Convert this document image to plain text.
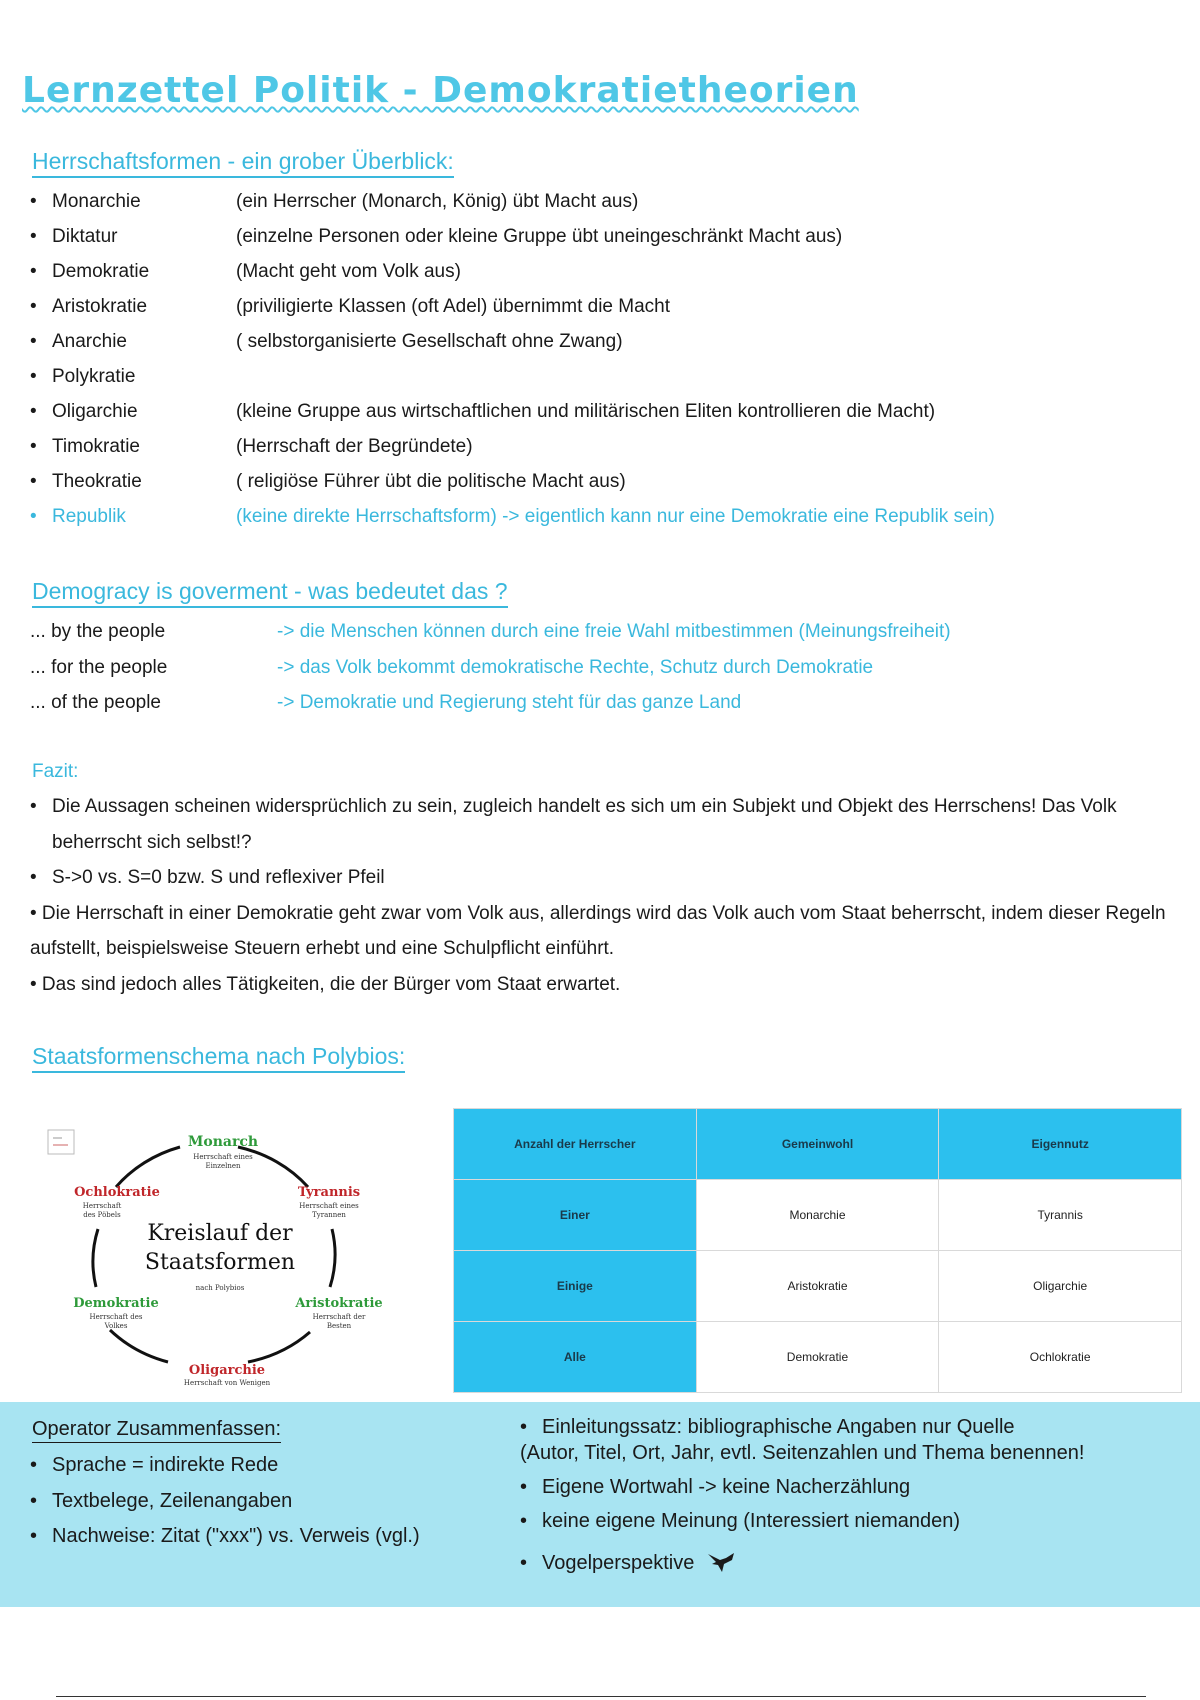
Lernzettel Politik - Demokratietheorien
Herrschaftsformen - ein grober Überblick:
• Monarchie	(ein Herrscher (Monarch, König) übt Macht aus)
• Diktatur	(einzelne Personen oder kleine Gruppe übt uneingeschränkt Macht aus)
• Demokratie	(Macht geht vom Volk aus)
• Aristokratie	(priviligierte Klassen (oft Adel) übernimmt die Macht
• Anarchie	( selbstorganisierte Gesellschaft ohne Zwang)
• Polykratie
• Oligarchie	(kleine Gruppe aus wirtschaftlichen und militärischen Eliten kontrollieren die Macht)
• Timokratie	(Herrschaft der Begründete)
• Theokratie	( religiöse Führer übt die politische Macht aus)
• Republik	(keine direkte Herrschaftsform) -> eigentlich kann nur eine Demokratie eine Republik sein)
Demogracy is goverment - was bedeutet das ?
... by the people	-> die Menschen können durch eine freie Wahl mitbestimmen (Meinungsfreiheit)
... for the people	-> das Volk bekommt demokratische Rechte, Schutz durch Demokratie
... of the people	-> Demokratie und Regierung steht für das ganze Land
Fazit:

• Die Aussagen scheinen widersprüchlich zu sein, zugleich handelt es sich um ein Subjekt und Objekt des Herrschens! Das Volk beherrscht sich selbst!?

• S->0 vs. S=0 bzw. S und reflexiver Pfeil

• Die Herrschaft in einer Demokratie geht zwar vom Volk aus, allerdings wird das Volk auch vom Staat beherrscht, indem dieser Regeln aufstellt, beispielsweise Steuern erhebt und eine Schulpflicht einführt.

• Das sind jedoch alles Tätigkeiten, die der Bürger vom Staat erwartet.

Staatsformenschema nach Polybios:
Monarch
Herrschaft eines
Einzelnen
Tyrannis
Herrschaft eines
Tyrannen
Aristokratie
Herrschaft der
Besten
Oligarchie
Herrschaft von Wenigen
Demokratie
Herrschaft des
Volkes
Ochlokratie
Herrschaft
des Pöbels
Kreislauf der
Staatsformen
nach Polybios
Anzahl der Herrscher	Gemeinwohl	Eigennutz
Einer	Monarchie	Tyrannis
Einige	Aristokratie	Oligarchie
Alle	Demokratie	Ochlokratie
Operator Zusammenfassen:
• Sprache = indirekte Rede
• Textbelege, Zeilenangaben
• Nachweise: Zitat ("xxx") vs. Verweis (vgl.)
• Einleitungssatz: bibliographische Angaben nur Quelle
(Autor, Titel, Ort, Jahr, evtl. Seitenzahlen und Thema benennen!
• Eigene Wortwahl -> keine Nacherzählung
• keine eigene Meinung (Interessiert niemanden)
• Vogelperspektive
